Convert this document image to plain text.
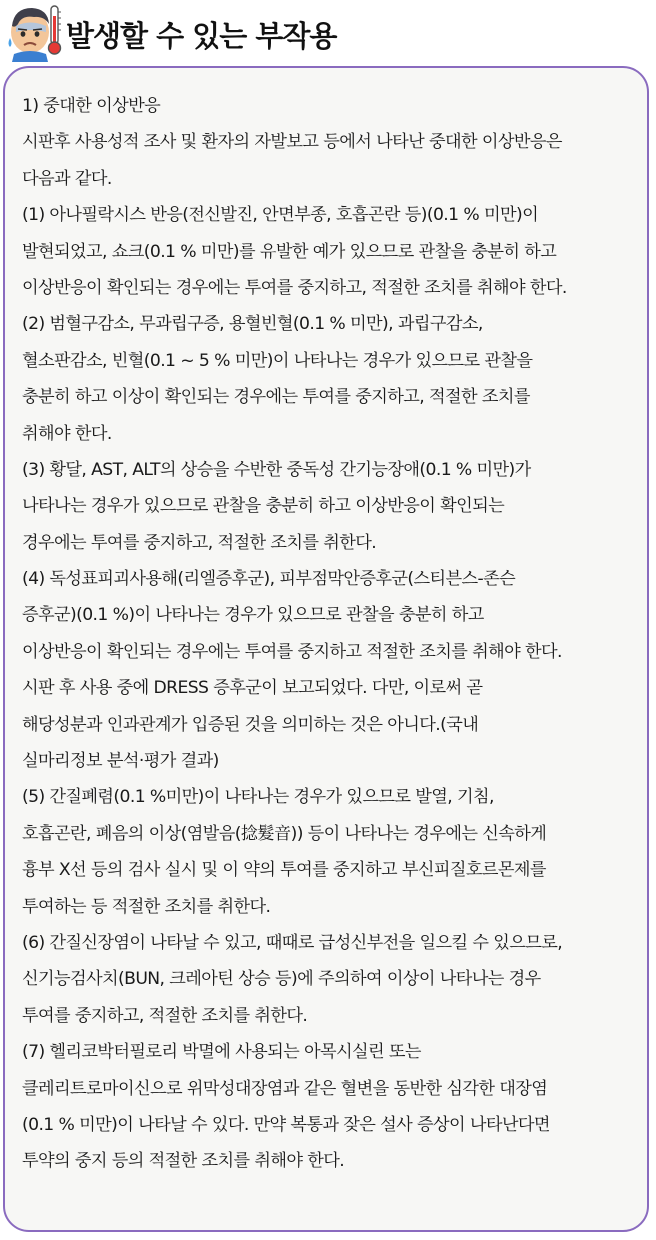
발생할 수 있는 부작용
1) 중대한 이상반응
시판후 사용성적 조사 및 환자의 자발보고 등에서 나타난 중대한 이상반응은
다음과 같다.
(1) 아나필락시스 반응(전신발진, 안면부종, 호흡곤란 등)(0.1 % 미만)이
발현되었고, 쇼크(0.1 % 미만)를 유발한 예가 있으므로 관찰을 충분히 하고
이상반응이 확인되는 경우에는 투여를 중지하고, 적절한 조치를 취해야 한다.
(2) 범혈구감소, 무과립구증, 용혈빈혈(0.1 % 미만), 과립구감소,
혈소판감소, 빈혈(0.1 ~ 5 % 미만)이 나타나는 경우가 있으므로 관찰을
충분히 하고 이상이 확인되는 경우에는 투여를 중지하고, 적절한 조치를
취해야 한다.
(3) 황달, AST, ALT의 상승을 수반한 중독성 간기능장애(0.1 % 미만)가
나타나는 경우가 있으므로 관찰을 충분히 하고 이상반응이 확인되는
경우에는 투여를 중지하고, 적절한 조치를 취한다.
(4) 독성표피괴사용해(리엘증후군), 피부점막안증후군(스티븐스-존슨
증후군)(0.1 %)이 나타나는 경우가 있으므로 관찰을 충분히 하고
이상반응이 확인되는 경우에는 투여를 중지하고 적절한 조치를 취해야 한다.
시판 후 사용 중에 DRESS 증후군이 보고되었다. 다만, 이로써 곧
해당성분과 인과관계가 입증된 것을 의미하는 것은 아니다.(국내
실마리정보 분석·평가 결과)
(5) 간질폐렴(0.1 %미만)이 나타나는 경우가 있으므로 발열, 기침,
호흡곤란, 폐음의 이상(염발음(捻髮音)) 등이 나타나는 경우에는 신속하게
흉부 X선 등의 검사 실시 및 이 약의 투여를 중지하고 부신피질호르몬제를
투여하는 등 적절한 조치를 취한다.
(6) 간질신장염이 나타날 수 있고, 때때로 급성신부전을 일으킬 수 있으므로,
신기능검사치(BUN, 크레아틴 상승 등)에 주의하여 이상이 나타나는 경우
투여를 중지하고, 적절한 조치를 취한다.
(7) 헬리코박터필로리 박멸에 사용되는 아목시실린 또는
클레리트로마이신으로 위막성대장염과 같은 혈변을 동반한 심각한 대장염
(0.1 % 미만)이 나타날 수 있다. 만약 복통과 잦은 설사 증상이 나타난다면
투약의 중지 등의 적절한 조치를 취해야 한다.
